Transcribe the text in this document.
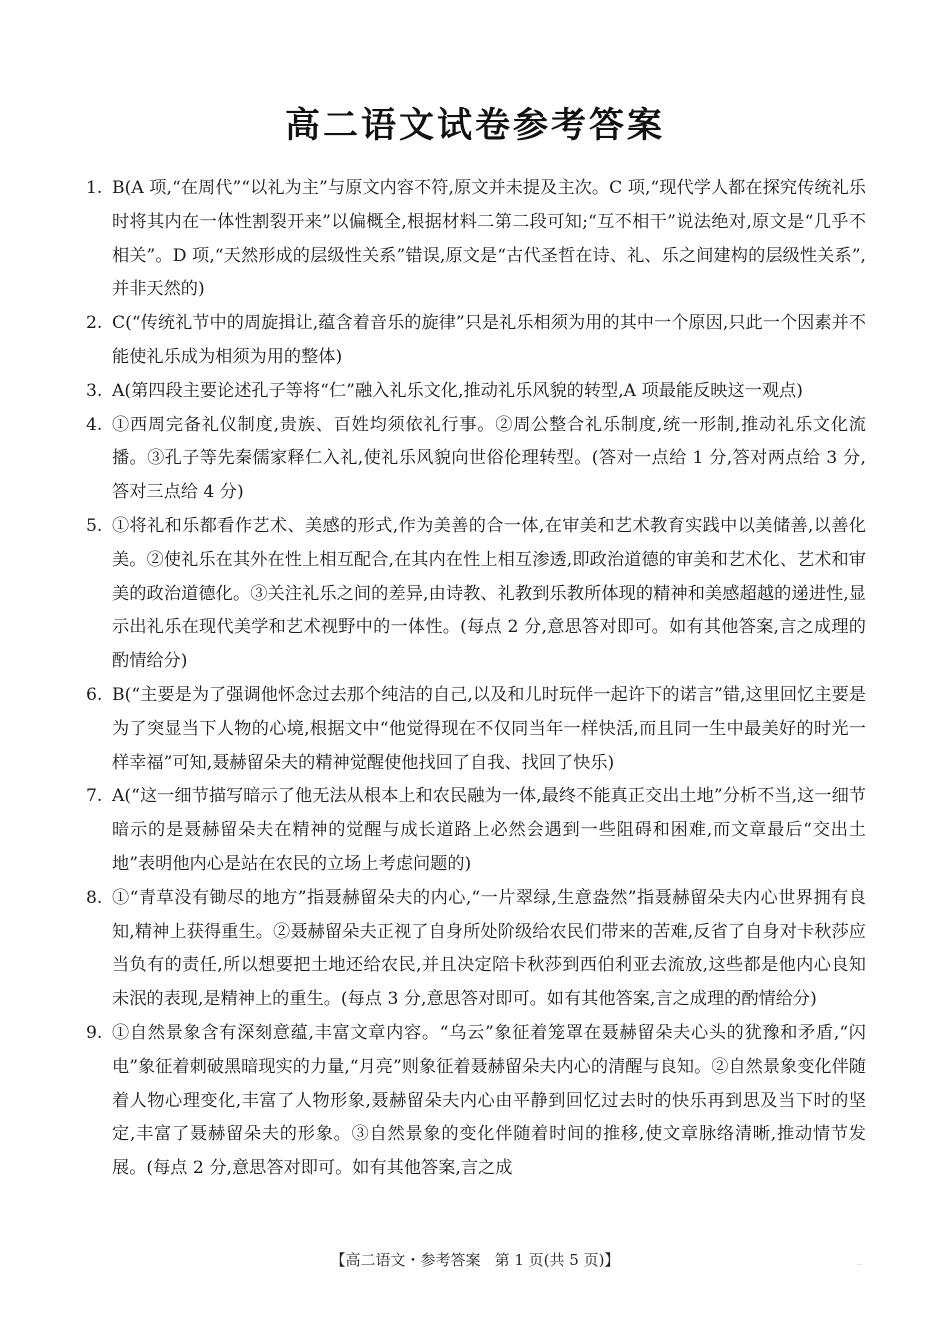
高二语文试卷参考答案
1. B(A 项,“在周代”“以礼为主”与原文内容不符,原文并未提及主次。C 项,“现代学人都在探究传统礼乐时将其内在一体性割裂开来”以偏概全,根据材料二第二段可知;“互不相干”说法绝对,原文是“几乎不相关”。D 项,“天然形成的层级性关系”错误,原文是“古代圣哲在诗、礼、乐之间建构的层级性关系”,并非天然的)
2. C(“传统礼节中的周旋揖让,蕴含着音乐的旋律”只是礼乐相须为用的其中一个原因,只此一个因素并不能使礼乐成为相须为用的整体)
3. A(第四段主要论述孔子等将“仁”融入礼乐文化,推动礼乐风貌的转型,A 项最能反映这一观点)
4. ①西周完备礼仪制度,贵族、百姓均须依礼行事。②周公整合礼乐制度,统一形制,推动礼乐文化流播。③孔子等先秦儒家释仁入礼,使礼乐风貌向世俗伦理转型。(答对一点给 1 分,答对两点给 3 分,答对三点给 4 分)
5. ①将礼和乐都看作艺术、美感的形式,作为美善的合一体,在审美和艺术教育实践中以美储善,以善化美。②使礼乐在其外在性上相互配合,在其内在性上相互渗透,即政治道德的审美和艺术化、艺术和审美的政治道德化。③关注礼乐之间的差异,由诗教、礼教到乐教所体现的精神和美感超越的递进性,显示出礼乐在现代美学和艺术视野中的一体性。(每点 2 分,意思答对即可。如有其他答案,言之成理的酌情给分)
6. B(“主要是为了强调他怀念过去那个纯洁的自己,以及和儿时玩伴一起许下的诺言”错,这里回忆主要是为了突显当下人物的心境,根据文中“他觉得现在不仅同当年一样快活,而且同一生中最美好的时光一样幸福”可知,聂赫留朵夫的精神觉醒使他找回了自我、找回了快乐)
7. A(“这一细节描写暗示了他无法从根本上和农民融为一体,最终不能真正交出土地”分析不当,这一细节暗示的是聂赫留朵夫在精神的觉醒与成长道路上必然会遇到一些阻碍和困难,而文章最后“交出土地”表明他内心是站在农民的立场上考虑问题的)
8. ①“青草没有锄尽的地方”指聂赫留朵夫的内心,“一片翠绿,生意盎然”指聂赫留朵夫内心世界拥有良知,精神上获得重生。②聂赫留朵夫正视了自身所处阶级给农民们带来的苦难,反省了自身对卡秋莎应当负有的责任,所以想要把土地还给农民,并且决定陪卡秋莎到西伯利亚去流放,这些都是他内心良知未泯的表现,是精神上的重生。(每点 3 分,意思答对即可。如有其他答案,言之成理的酌情给分)
9. ①自然景象含有深刻意蕴,丰富文章内容。“乌云”象征着笼罩在聂赫留朵夫心头的犹豫和矛盾,“闪电”象征着刺破黑暗现实的力量,“月亮”则象征着聂赫留朵夫内心的清醒与良知。②自然景象变化伴随着人物心理变化,丰富了人物形象,聂赫留朵夫内心由平静到回忆过去时的快乐再到思及当下时的坚定,丰富了聂赫留朵夫的形象。③自然景象的变化伴随着时间的推移,使文章脉络清晰,推动情节发展。(每点 2 分,意思答对即可。如有其他答案,言之成
【高二语文・参考答案 第 1 页(共 5 页)】	..
